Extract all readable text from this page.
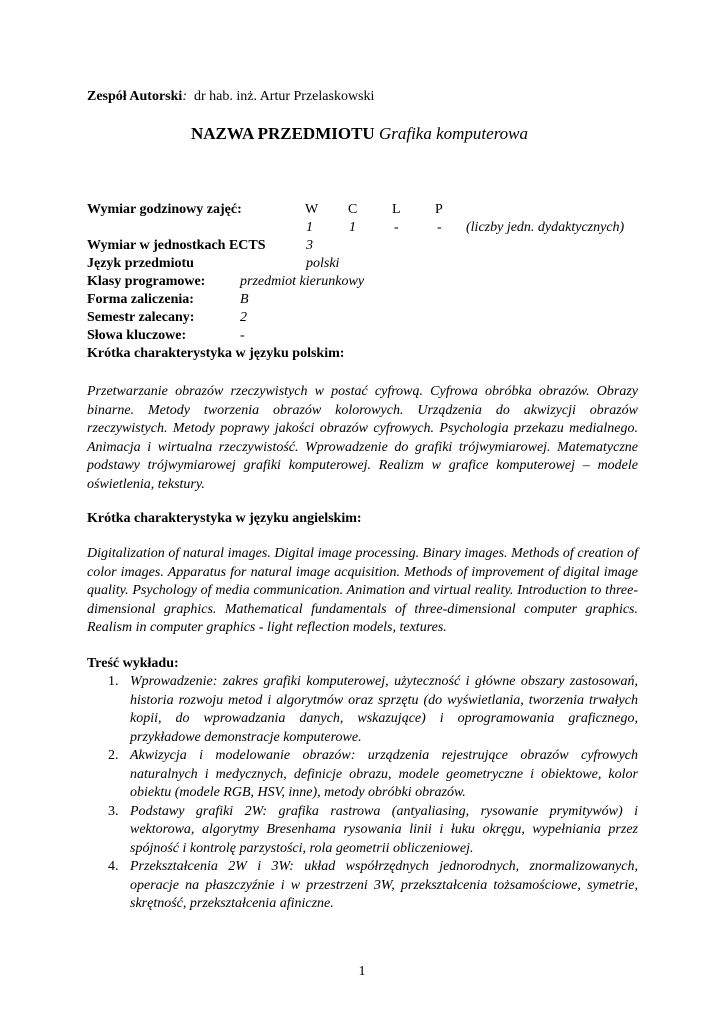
Zespół Autorski: dr hab. inż. Artur Przelaskowski
NAZWA PRZEDMIOTU Grafika komputerowa
Wymiar godzinowy zajęć:	W C L P
1	1	-	- (liczby jedn. dydaktycznych)
Wymiar w jednostkach ECTS	3
Język przedmiotu	polski
Klasy programowe: przedmiot kierunkowy
Forma zaliczenia:	B
Semestr zalecany:	2
Słowa kluczowe:	-
Krótka charakterystyka w języku polskim:
Przetwarzanie obrazów rzeczywistych w postać cyfrową. Cyfrowa obróbka obrazów. Obrazy binarne. Metody tworzenia obrazów kolorowych. Urządzenia do akwizycji obrazów rzeczywistych. Metody poprawy jakości obrazów cyfrowych. Psychologia przekazu medialnego. Animacja i wirtualna rzeczywistość. Wprowadzenie do grafiki trójwymiarowej. Matematyczne podstawy trójwymiarowej grafiki komputerowej. Realizm w grafice komputerowej – modele oświetlenia, tekstury.
Krótka charakterystyka w języku angielskim:
Digitalization of natural images. Digital image processing. Binary images. Methods of creation of color images. Apparatus for natural image acquisition. Methods of improvement of digital image quality. Psychology of media communication. Animation and virtual reality. Introduction to three-dimensional graphics. Mathematical fundamentals of three-dimensional computer graphics. Realism in computer graphics - light reflection models, textures.
Treść wykładu:
1. Wprowadzenie: zakres grafiki komputerowej, użyteczność i główne obszary zastosowań, historia rozwoju metod i algorytmów oraz sprzętu (do wyświetlania, tworzenia trwałych kopii, do wprowadzania danych, wskazujące) i oprogramowania graficznego, przykładowe demonstracje komputerowe.
2. Akwizycja i modelowanie obrazów: urządzenia rejestrujące obrazów cyfrowych naturalnych i medycznych, definicje obrazu, modele geometryczne i obiektowe, kolor obiektu (modele RGB, HSV, inne), metody obróbki obrazów.
3. Podstawy grafiki 2W: grafika rastrowa (antyaliasing, rysowanie prymitywów) i wektorowa, algorytmy Bresenhama rysowania linii i łuku okręgu, wypełniania przez spójność i kontrolę parzystości, rola geometrii obliczeniowej.
4. Przekształcenia 2W i 3W: układ współrzędnych jednorodnych, znormalizowanych, operacje na płaszczyźnie i w przestrzeni 3W, przekształcenia tożsamościowe, symetrie, skrętność, przekształcenia afiniczne.
1
